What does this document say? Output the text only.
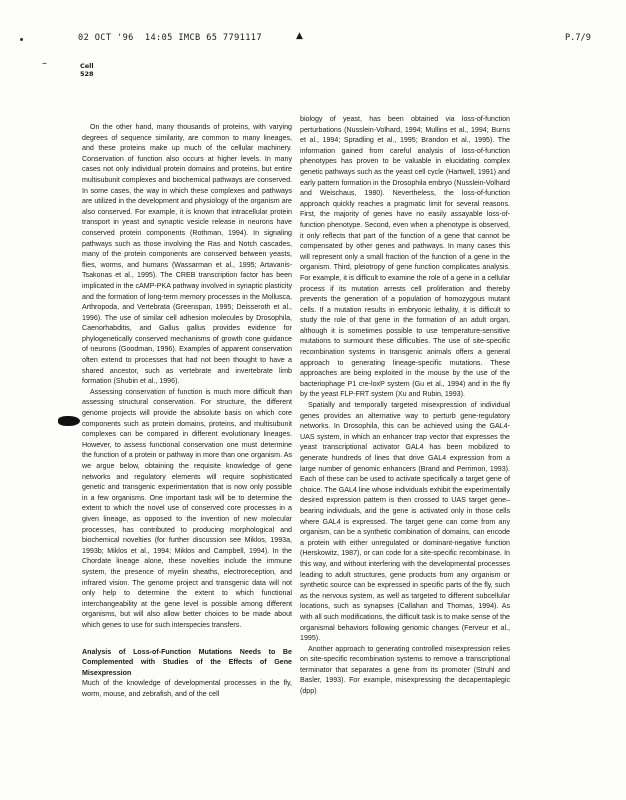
02 OCT '96  14:05 IMCB 65 7791117	▲	P.7/9
–	Cell
528

On the other hand, many thousands of proteins, with varying degrees of sequence similarity, are common to many lineages, and these proteins make up much of the cellular machinery. Conservation of function also occurs at higher levels. In many cases not only individual protein domains and proteins, but entire multisubunit complexes and biochemical pathways are conserved. In some cases, the way in which these complexes and pathways are utilized in the development and physiology of the organism are also conserved. For example, it is known that intracellular protein transport in yeast and synaptic vesicle release in neurons have conserved protein components (Rothman, 1994). In signaling pathways such as those involving the Ras and Notch cascades, many of the protein components are conserved between yeasts, flies, worms, and humans (Wassarman et al., 1995; Artavanis-Tsakonas et al., 1995). The CREB transcription factor has been implicated in the cAMP-PKA pathway involved in synaptic plasticity and the formation of long-term memory processes in the Mollusca, Arthropoda, and Vertebrata (Greenspan, 1995; Deisseroth et al., 1996). The use of similar cell adhesion molecules by Drosophila, Caenorhabditis, and Gallus gallus provides evidence for phylogenetically conserved mechanisms of growth cone guidance of neurons (Goodman, 1996). Examples of apparent conservation often extend to processes that had not been thought to have a shared ancestor, such as vertebrate and invertebrate limb formation (Shubin et al., 1996).

Assessing conservation of function is much more difficult than assessing structural conservation. For structure, the different genome projects will provide the absolute basis on which core components such as protein domains, proteins, and multisubunit complexes can be compared in different evolutionary lineages. However, to assess functional conservation one must determine the function of a protein or pathway in more than one organism. As we argue below, obtaining the requisite knowledge of gene networks and regulatory elements will require sophisticated genetic and transgenic experimentation that is now only possible in a few organisms. One important task will be to determine the extent to which the novel use of conserved core processes in a given lineage, as opposed to the invention of new molecular processes, has contributed to producing morphological and biochemical novelties (for further discussion see Miklos, 1993a, 1993b; Miklos et al., 1994; Miklos and Campbell, 1994). In the Chordate lineage alone, these novelties include the immune system, the presence of myelin sheaths, electroreception, and infrared vision. The genome project and transgenic data will not only help to determine the extent to which functional interchangeability at the gene level is possible among different organisms, but will also allow better choices to be made about which genes to use for such interspecies transfers.

Analysis of Loss-of-Function Mutations Needs to Be Complemented with Studies of the Effects of Gene Misexpression

Much of the knowledge of developmental processes in the fly, worm, mouse, and zebrafish, and of the cell

biology of yeast, has been obtained via loss-of-function perturbations (Nusslein-Volhard, 1994; Mullins et al., 1994; Burns et al., 1994; Spradling et al., 1995; Brandon et al., 1995). The information gained from careful analysis of loss-of-function phenotypes has proven to be valuable in elucidating complex genetic pathways such as the yeast cell cycle (Hartwell, 1991) and early pattern formation in the Drosophila embryo (Nusslein-Volhard and Weischaus, 1980). Nevertheless, the loss-of-function approach quickly reaches a pragmatic limit for several reasons. First, the majority of genes have no easily assayable loss-of-function phenotype. Second, even when a phenotype is observed, it only reflects that part of the function of a gene that cannot be compensated by other genes and pathways. In many cases this will represent only a small fraction of the function of a gene in the organism. Third, pleiotropy of gene function complicates analysis. For example, it is difficult to examine the role of a gene in a cellular process if its mutation arrests cell proliferation and thereby prevents the generation of a population of homozygous mutant cells. If a mutation results in embryonic lethality, it is difficult to study the role of that gene in the formation of an adult organ, although it is sometimes possible to use temperature-sensitive mutations to surmount these difficulties. The use of site-specific recombination systems in transgenic animals offers a general approach to generating lineage-specific mutations. These approaches are being exploited in the mouse by the use of the bacteriophage P1 cre-loxP system (Gu et al., 1994) and in the fly by the yeast FLP-FRT system (Xu and Rubin, 1993).

Spatially and temporally targeted misexpression of individual genes provides an alternative way to perturb gene-regulatory networks. In Drosophila, this can be achieved using the GAL4-UAS system, in which an enhancer trap vector that expresses the yeast transcriptional activator GAL4 has been mobilized to generate hundreds of lines that drive GAL4 expression from a large number of genomic enhancers (Brand and Perrimon, 1993). Each of these can be used to activate specifically a target gene of choice. The GAL4 line whose individuals exhibit the experimentally desired expression pattern is then crossed to UAS target gene–bearing individuals, and the gene is activated only in those cells where GAL4 is expressed. The target gene can come from any organism, can be a synthetic combination of domains, can encode a protein with either unregulated or dominant-negative function (Herskowitz, 1987), or can code for a site-specific recombinase. In this way, and without interfering with the developmental processes leading to adult structures, gene products from any organism or synthetic source can be expressed in specific parts of the fly, such as the nervous system, as well as targeted to different subcellular locations, such as synapses (Callahan and Thomas, 1994). As with all such modifications, the difficult task is to make sense of the organismal behaviors following genomic changes (Ferveur et al., 1995).

Another approach to generating controlled misexpression relies on site-specific recombination systems to remove a transcriptional terminator that separates a gene from its promoter (Struhl and Basler, 1993). For example, misexpressing the decapentaplegic (dpp)
